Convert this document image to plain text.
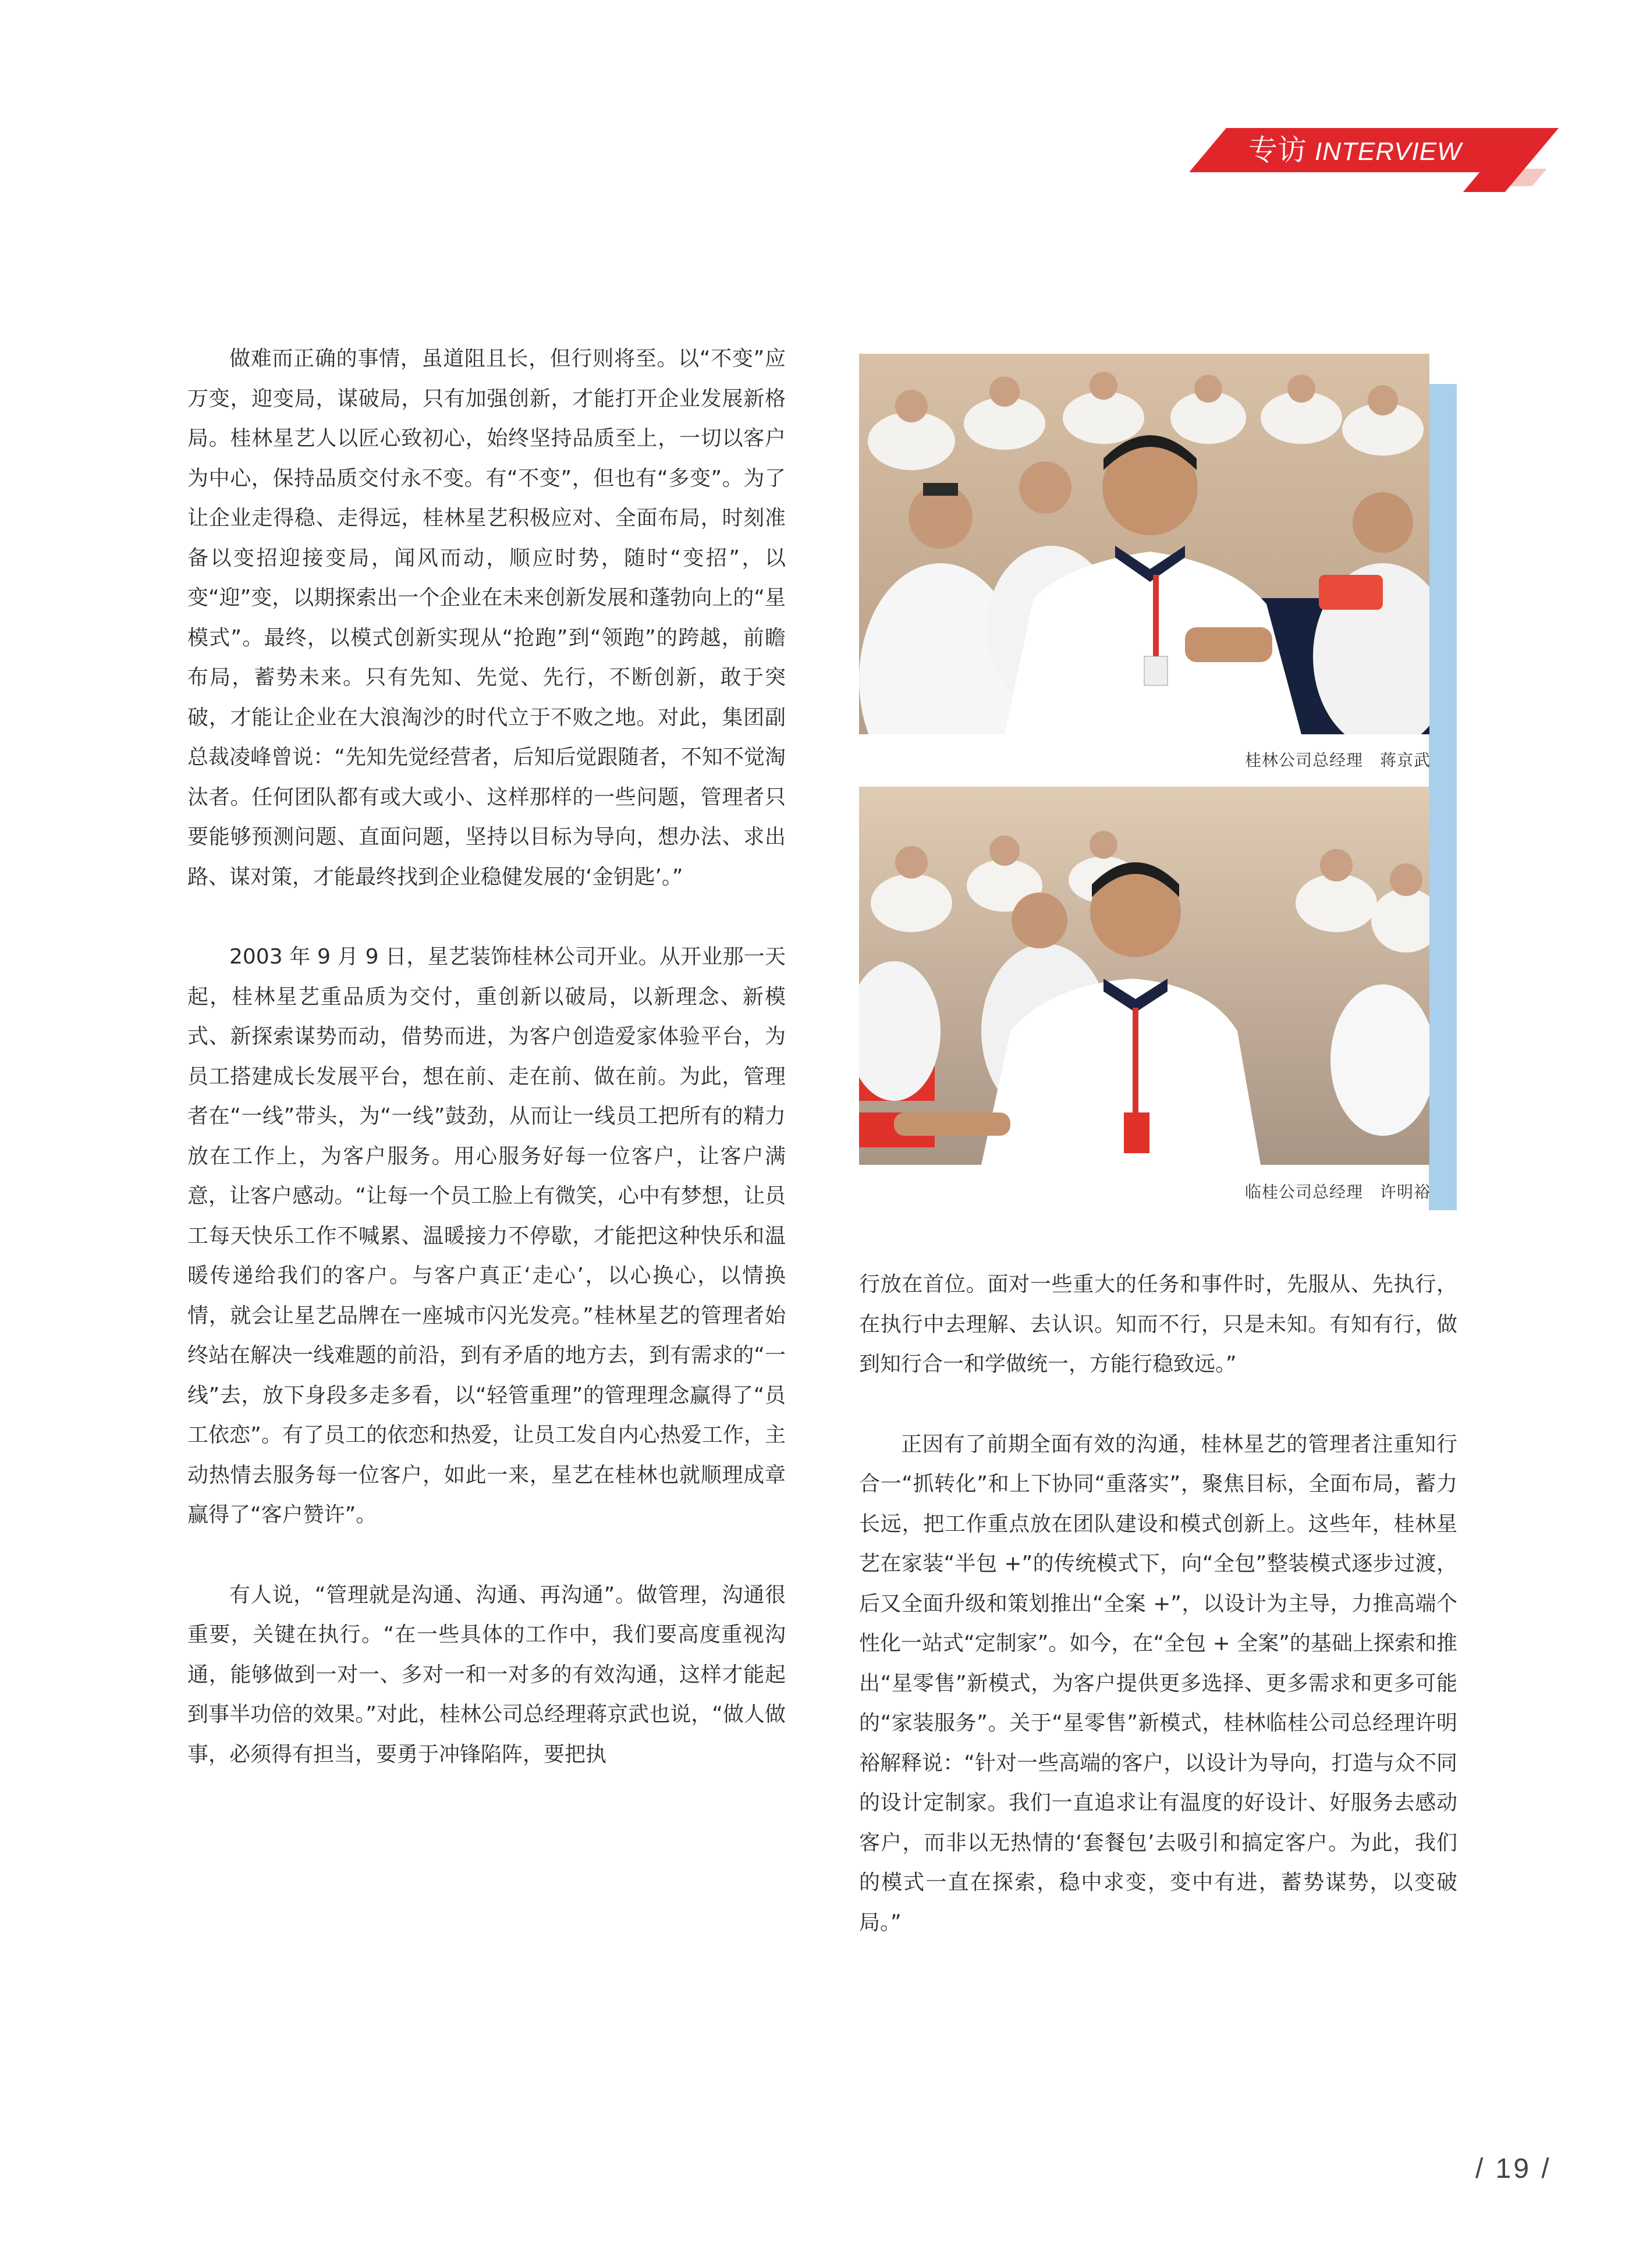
专访 INTERVIEW

做难而正确的事情，虽道阻且长，但行则将至。以“不变”应万变，迎变局，谋破局，只有加强创新，才能打开企业发展新格局。桂林星艺人以匠心致初心，始终坚持品质至上，一切以客户为中心，保持品质交付永不变。有“不变”，但也有“多变”。为了让企业走得稳、走得远，桂林星艺积极应对、全面布局，时刻准备以变招迎接变局，闻风而动，顺应时势，随时“变招”，以变“迎”变，以期探索出一个企业在未来创新发展和蓬勃向上的“星模式”。最终，以模式创新实现从“抢跑”到“领跑”的跨越，前瞻布局，蓄势未来。只有先知、先觉、先行，不断创新，敢于突破，才能让企业在大浪淘沙的时代立于不败之地。对此，集团副总裁凌峰曾说：“先知先觉经营者，后知后觉跟随者，不知不觉淘汰者。任何团队都有或大或小、这样那样的一些问题，管理者只要能够预测问题、直面问题，坚持以目标为导向，想办法、求出路、谋对策，才能最终找到企业稳健发展的‘金钥匙’。”

2003 年 9 月 9 日，星艺装饰桂林公司开业。从开业那一天起，桂林星艺重品质为交付，重创新以破局，以新理念、新模式、新探索谋势而动，借势而进，为客户创造爱家体验平台，为员工搭建成长发展平台，想在前、走在前、做在前。为此，管理者在“一线”带头，为“一线”鼓劲，从而让一线员工把所有的精力放在工作上，为客户服务。用心服务好每一位客户，让客户满意，让客户感动。“让每一个员工脸上有微笑，心中有梦想，让员工每天快乐工作不喊累、温暖接力不停歇，才能把这种快乐和温暖传递给我们的客户。与客户真正‘走心’，以心换心，以情换情，就会让星艺品牌在一座城市闪光发亮。”桂林星艺的管理者始终站在解决一线难题的前沿，到有矛盾的地方去，到有需求的“一线”去，放下身段多走多看，以“轻管重理”的管理理念赢得了“员工依恋”。有了员工的依恋和热爱，让员工发自内心热爱工作，主动热情去服务每一位客户，如此一来，星艺在桂林也就顺理成章赢得了“客户赞许”。

有人说，“管理就是沟通、沟通、再沟通”。做管理，沟通很重要，关键在执行。“在一些具体的工作中，我们要高度重视沟通，能够做到一对一、多对一和一对多的有效沟通，这样才能起到事半功倍的效果。”对此，桂林公司总经理蒋京武也说，“做人做事，必须得有担当，要勇于冲锋陷阵，要把执

桂林公司总经理　蒋京武
临桂公司总经理　许明裕

行放在首位。面对一些重大的任务和事件时，先服从、先执行，在执行中去理解、去认识。知而不行，只是未知。有知有行，做到知行合一和学做统一，方能行稳致远。”

正因有了前期全面有效的沟通，桂林星艺的管理者注重知行合一“抓转化”和上下协同“重落实”，聚焦目标，全面布局，蓄力长远，把工作重点放在团队建设和模式创新上。这些年，桂林星艺在家装“半包 +”的传统模式下，向“全包”整装模式逐步过渡，后又全面升级和策划推出“全案 +”，以设计为主导，力推高端个性化一站式“定制家”。如今，在“全包 + 全案”的基础上探索和推出“星零售”新模式，为客户提供更多选择、更多需求和更多可能的“家装服务”。关于“星零售”新模式，桂林临桂公司总经理许明裕解释说：“针对一些高端的客户，以设计为导向，打造与众不同的设计定制家。我们一直追求让有温度的好设计、好服务去感动客户，而非以无热情的‘套餐包’去吸引和搞定客户。为此，我们的模式一直在探索，稳中求变，变中有进，蓄势谋势，以变破局。”

/ 19 /
